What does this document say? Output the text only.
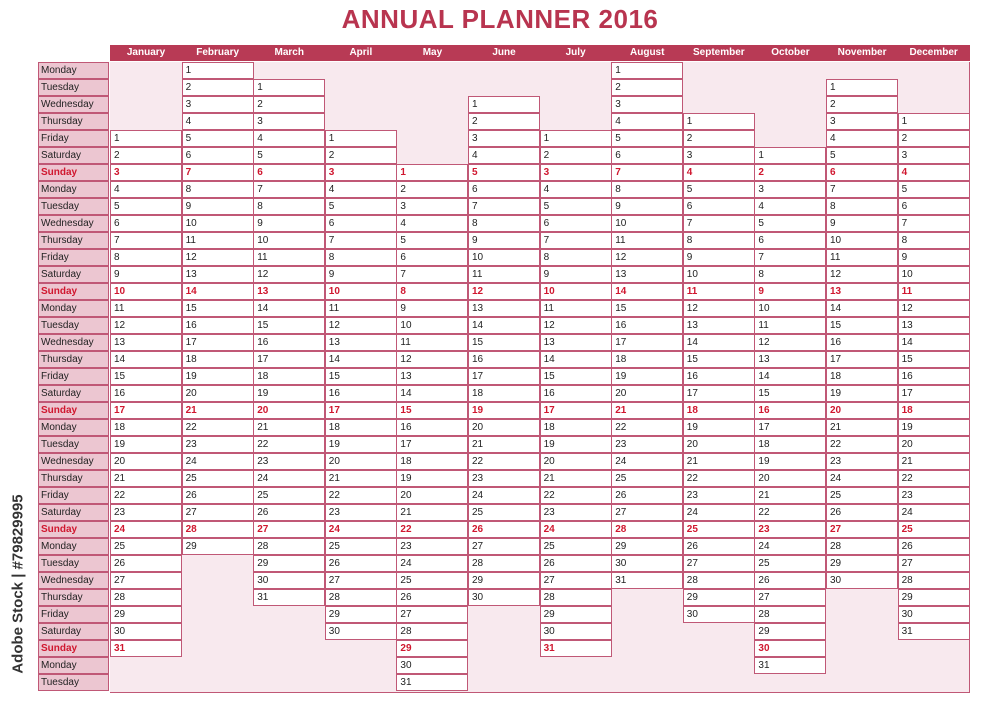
ANNUAL PLANNER 2016
Monday
Tuesday
Wednesday
Thursday
Friday
Saturday
Sunday
Monday
Tuesday
Wednesday
Thursday
Friday
Saturday
Sunday
Monday
Tuesday
Wednesday
Thursday
Friday
Saturday
Sunday
Monday
Tuesday
Wednesday
Thursday
Friday
Saturday
Sunday
Monday
Tuesday
Wednesday
Thursday
Friday
Saturday
Sunday
Monday
Tuesday
January
1
2
3
4
5
6
7
8
9
10
11
12
13
14
15
16
17
18
19
20
21
22
23
24
25
26
27
28
29
30
31
February
1
2
3
4
5
6
7
8
9
10
11
12
13
14
15
16
17
18
19
20
21
22
23
24
25
26
27
28
29
March
1
2
3
4
5
6
7
8
9
10
11
12
13
14
15
16
17
18
19
20
21
22
23
24
25
26
27
28
29
30
31
April
1
2
3
4
5
6
7
8
9
10
11
12
13
14
15
16
17
18
19
20
21
22
23
24
25
26
27
28
29
30
May
1
2
3
4
5
6
7
8
9
10
11
12
13
14
15
16
17
18
19
20
21
22
23
24
25
26
27
28
29
30
31
June
1
2
3
4
5
6
7
8
9
10
11
12
13
14
15
16
17
18
19
20
21
22
23
24
25
26
27
28
29
30
July
1
2
3
4
5
6
7
8
9
10
11
12
13
14
15
16
17
18
19
20
21
22
23
24
25
26
27
28
29
30
31
August
1
2
3
4
5
6
7
8
9
10
11
12
13
14
15
16
17
18
19
20
21
22
23
24
25
26
27
28
29
30
31
September
1
2
3
4
5
6
7
8
9
10
11
12
13
14
15
16
17
18
19
20
21
22
23
24
25
26
27
28
29
30
October
1
2
3
4
5
6
7
8
9
10
11
12
13
14
15
16
17
18
19
20
21
22
23
24
25
26
27
28
29
30
31
November
1
2
3
4
5
6
7
8
9
10
11
12
13
14
15
16
17
18
19
20
21
22
23
24
25
26
27
28
29
30
December
1
2
3
4
5
6
7
8
9
10
11
12
13
14
15
16
17
18
19
20
21
22
23
24
25
26
27
28
29
30
31
Adobe Stock | #79829995
